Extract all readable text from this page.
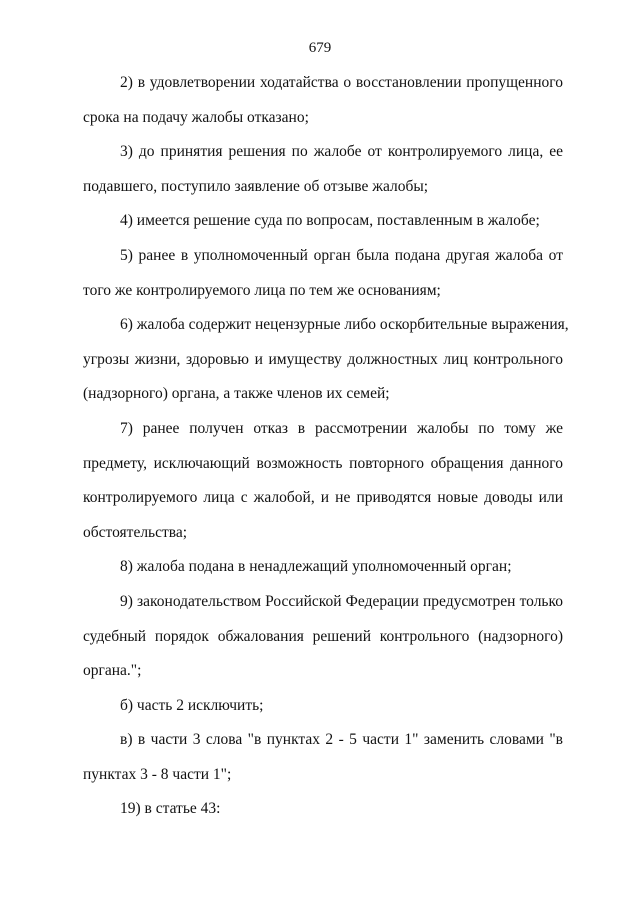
679
2) в удовлетворении ходатайства о восстановлении пропущенного
срока на подачу жалобы отказано;
3) до принятия решения по жалобе от контролируемого лица, ее
подавшего, поступило заявление об отзыве жалобы;
4) имеется решение суда по вопросам, поставленным в жалобе;
5) ранее в уполномоченный орган была подана другая жалоба от
того же контролируемого лица по тем же основаниям;
6) жалоба содержит нецензурные либо оскорбительные выражения,
угрозы жизни, здоровью и имуществу должностных лиц контрольного
(надзорного) органа, а также членов их семей;
7) ранее получен отказ в рассмотрении жалобы по тому же
предмету, исключающий возможность повторного обращения данного
контролируемого лица с жалобой, и не приводятся новые доводы или
обстоятельства;
8) жалоба подана в ненадлежащий уполномоченный орган;
9) законодательством Российской Федерации предусмотрен только
судебный порядок обжалования решений контрольного (надзорного)
органа.";
б) часть 2 исключить;
в) в части 3 слова "в пунктах 2 - 5 части 1" заменить словами "в
пунктах 3 - 8 части 1";
19) в статье 43:
